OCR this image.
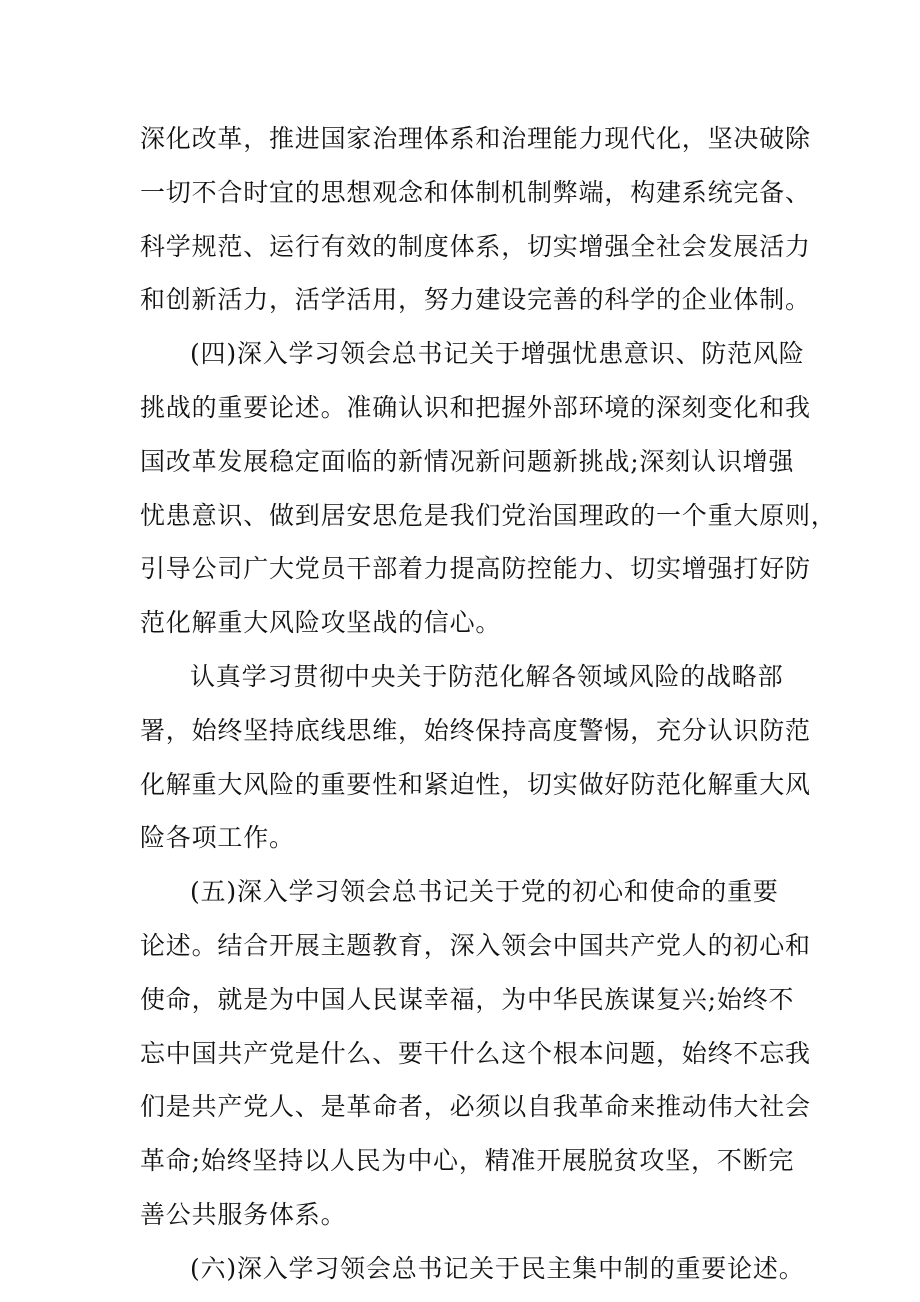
深化改革，推进国家治理体系和治理能力现代化，坚决破除
一切不合时宜的思想观念和体制机制弊端，构建系统完备、
科学规范、运行有效的制度体系，切实增强全社会发展活力
和创新活力，活学活用，努力建设完善的科学的企业体制。
(四)深入学习领会总书记关于增强忧患意识、防范风险
挑战的重要论述。准确认识和把握外部环境的深刻变化和我
国改革发展稳定面临的新情况新问题新挑战;深刻认识增强
忧患意识、做到居安思危是我们党治国理政的一个重大原则，
引导公司广大党员干部着力提高防控能力、切实增强打好防
范化解重大风险攻坚战的信心。
认真学习贯彻中央关于防范化解各领域风险的战略部
署，始终坚持底线思维，始终保持高度警惕，充分认识防范
化解重大风险的重要性和紧迫性，切实做好防范化解重大风
险各项工作。
(五)深入学习领会总书记关于党的初心和使命的重要
论述。结合开展主题教育，深入领会中国共产党人的初心和
使命，就是为中国人民谋幸福，为中华民族谋复兴;始终不
忘中国共产党是什么、要干什么这个根本问题，始终不忘我
们是共产党人、是革命者，必须以自我革命来推动伟大社会
革命;始终坚持以人民为中心，精准开展脱贫攻坚，不断完
善公共服务体系。
(六)深入学习领会总书记关于民主集中制的重要论述。
